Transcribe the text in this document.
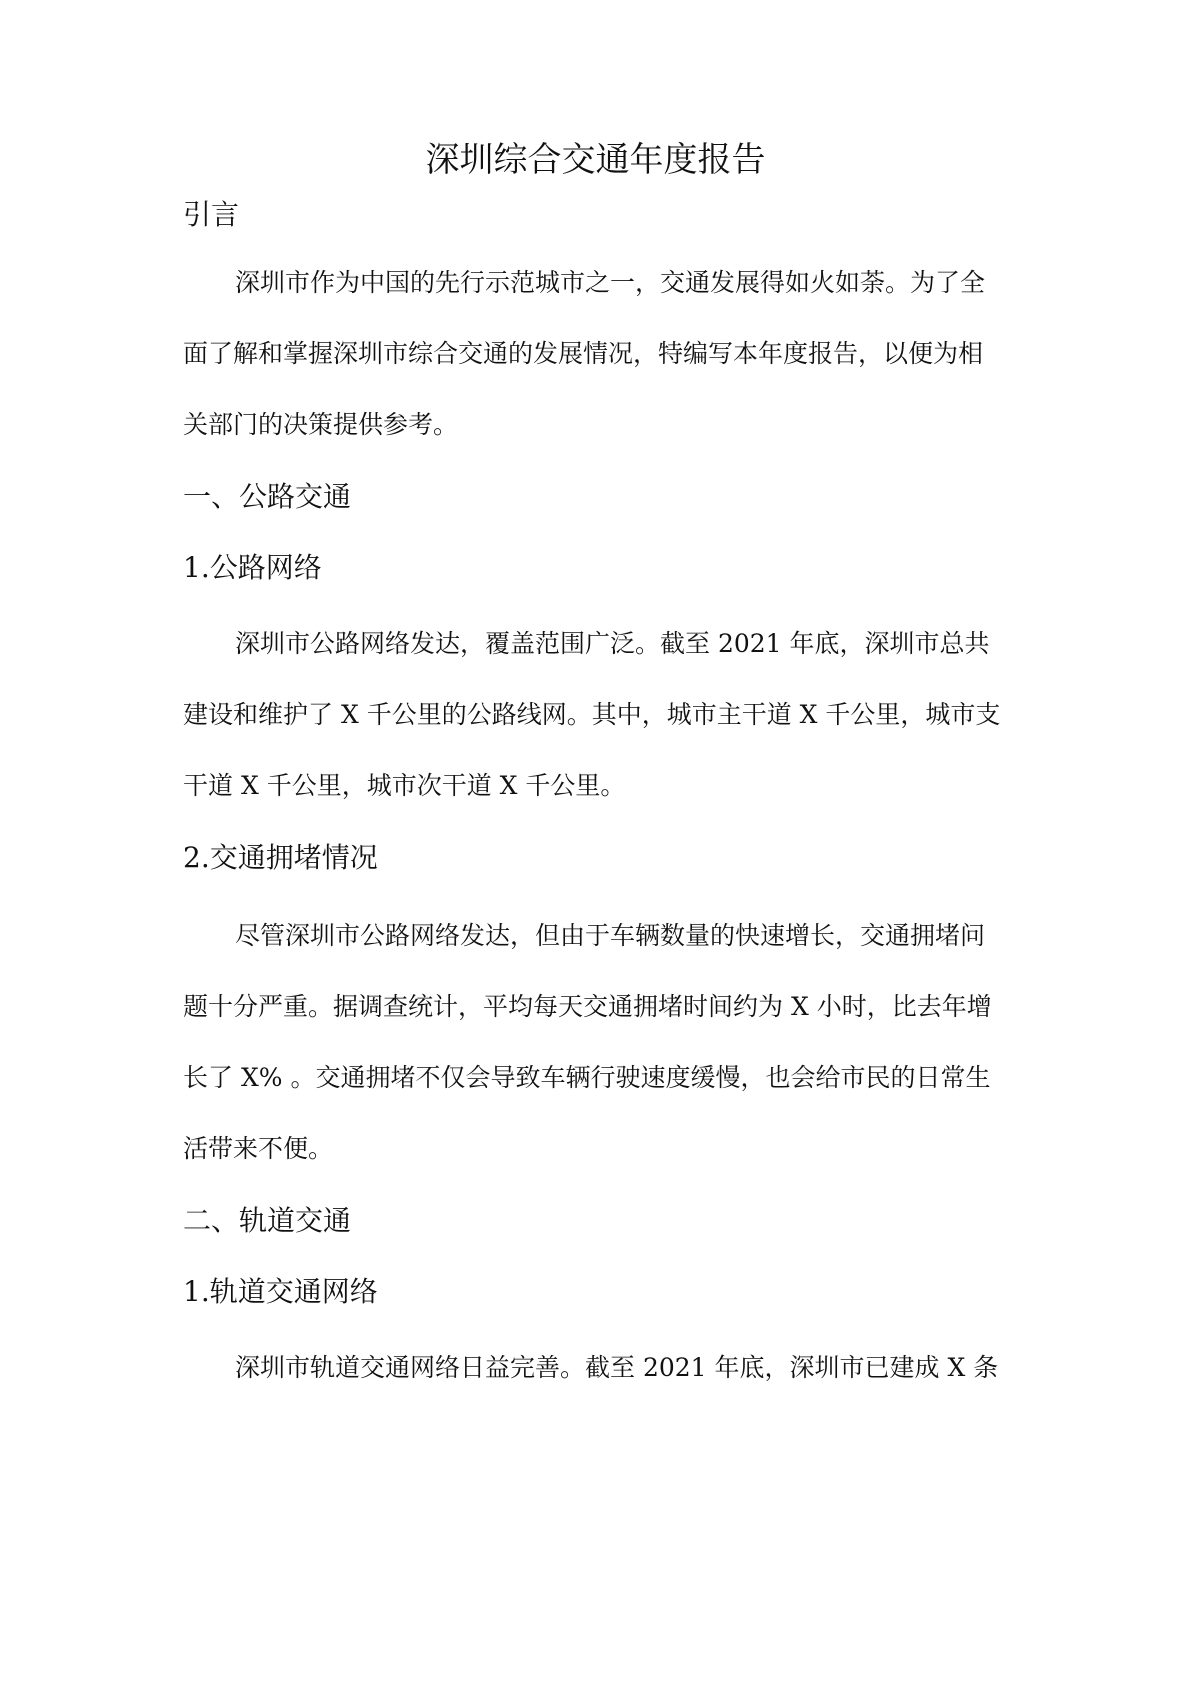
深圳综合交通年度报告
引言
深圳市作为中国的先行示范城市之一，交通发展得如火如荼。为了全
面了解和掌握深圳市综合交通的发展情况，特编写本年度报告，以便为相
关部门的决策提供参考。
一、公路交通
1.公路网络
深圳市公路网络发达，覆盖范围广泛。截至 2021 年底，深圳市总共
建设和维护了 X 千公里的公路线网。其中，城市主干道 X 千公里，城市支
干道 X 千公里，城市次干道 X 千公里。
2.交通拥堵情况
尽管深圳市公路网络发达，但由于车辆数量的快速增长，交通拥堵问
题十分严重。据调查统计，平均每天交通拥堵时间约为 X 小时，比去年增
长了 X% 。交通拥堵不仅会导致车辆行驶速度缓慢，也会给市民的日常生
活带来不便。
二、轨道交通
1.轨道交通网络
深圳市轨道交通网络日益完善。截至 2021 年底，深圳市已建成 X 条
